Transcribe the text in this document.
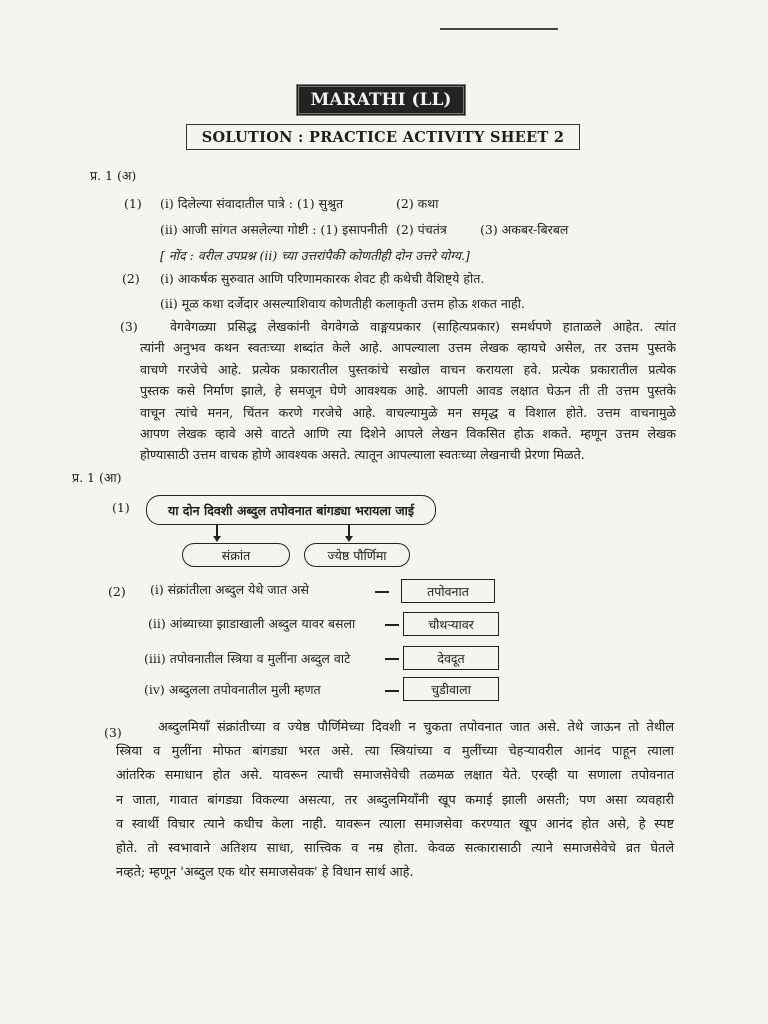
MARATHI (LL)
SOLUTION : PRACTICE ACTIVITY SHEET 2
प्र. 1 (अ)
(1) (i) दिलेल्या संवादातील पात्रे : (1) सुश्रुत	(2) कथा
(ii) आजी सांगत असलेल्या गोष्टी : (1) इसापनीती (2) पंचतंत्र	(3) अकबर-बिरबल
[ नोंद : वरील उपप्रश्न (ii) च्या उत्तरांपैकी कोणतीही दोन उत्तरे योग्य.]
(2) (i) आकर्षक सुरुवात आणि परिणामकारक शेवट ही कथेची वैशिष्ट्ये होत.
(ii) मूळ कथा दर्जेदार असल्याशिवाय कोणतीही कलाकृती उत्तम होऊ शकत नाही.
(3)	वेगवेगळ्या प्रसिद्ध लेखकांनी वेगवेगळे वाङ्मयप्रकार (साहित्यप्रकार) समर्थपणे हाताळले आहेत. त्यांत
त्यांनी अनुभव कथन स्वतःच्या शब्दांत केले आहे. आपल्याला उत्तम लेखक व्हायचे असेल, तर उत्तम पुस्तके
वाचणे गरजेचे आहे. प्रत्येक प्रकारातील पुस्तकांचे सखोल वाचन करायला हवे. प्रत्येक प्रकारातील प्रत्येक
पुस्तक कसे निर्माण झाले, हे समजून घेणे आवश्यक आहे. आपली आवड लक्षात घेऊन ती ती उत्तम पुस्तके
वाचून त्यांचे मनन, चिंतन करणे गरजेचे आहे. वाचल्यामुळे मन समृद्ध व विशाल होते. उत्तम वाचनामुळे
आपण लेखक व्हावे असे वाटते आणि त्या दिशेने आपले लेखन विकसित होऊ शकते. म्हणून उत्तम लेखक
होण्यासाठी उत्तम वाचक होणे आवश्यक असते. त्यातून आपल्याला स्वतःच्या लेखनाची प्रेरणा मिळते.
प्र. 1 (आ)
(1)	या दोन दिवशी अब्दुल तपोवनात बांगड्या भरायला जाई
संक्रांत	ज्येष्ठ पौर्णिमा
(2) (i) संक्रांतीला अब्दुल येथे जात असे	तपोवनात
(ii) आंब्याच्या झाडाखाली अब्दुल यावर बसला	चौथऱ्यावर
(iii) तपोवनातील स्त्रिया व मुलींना अब्दुल वाटे	देवदूत
(iv) अब्दुलला तपोवनातील मुली म्हणत	चुडीवाला
(3)	अब्दुलमियाँ संक्रांतीच्या व ज्येष्ठ पौर्णिमेच्या दिवशी न चुकता तपोवनात जात असे. तेथे जाऊन तो तेथील
स्त्रिया व मुलींना मोफत बांगड्या भरत असे. त्या स्त्रियांच्या व मुलींच्या चेहऱ्यावरील आनंद पाहून त्याला
आंतरिक समाधान होत असे. यावरून त्याची समाजसेवेची तळमळ लक्षात येते. एरव्ही या सणाला तपोवनात
न जाता, गावात बांगड्या विकल्या असत्या, तर अब्दुलमियाँनी खूप कमाई झाली असती; पण असा व्यवहारी
व स्वार्थी विचार त्याने कधीच केला नाही. यावरून त्याला समाजसेवा करण्यात खूप आनंद होत असे, हे स्पष्ट
होते. तो स्वभावाने अतिशय साधा, सात्त्विक व नम्र होता. केवळ सत्कारासाठी त्याने समाजसेवेचे व्रत घेतले
नव्हते; म्हणून 'अब्दुल एक थोर समाजसेवक' हे विधान सार्थ आहे.
